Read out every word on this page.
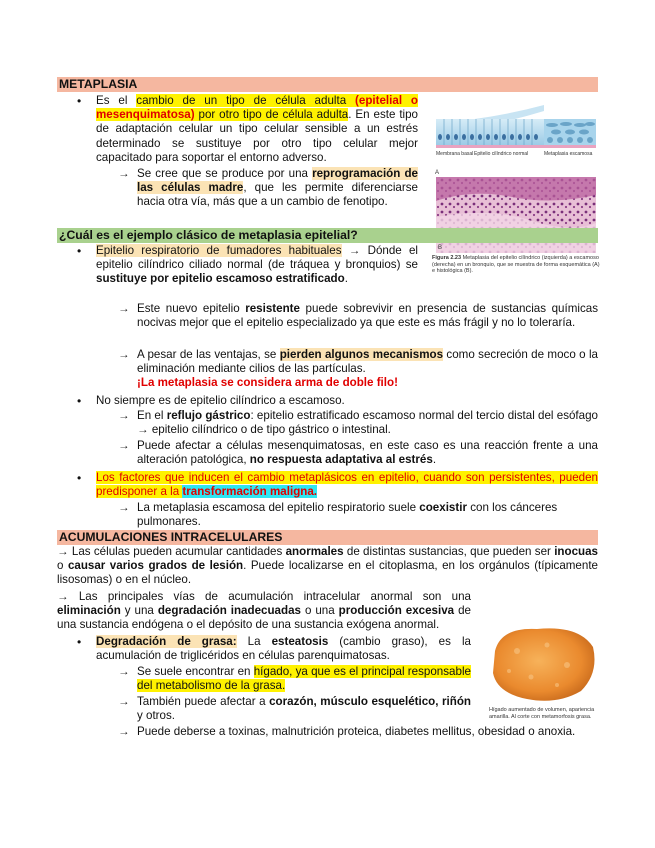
METAPLASIA
• Es el cambio de un tipo de célula adulta (epitelial o mesenquimatosa) por otro tipo de célula adulta. En este tipo de adaptación celular un tipo celular sensible a un estrés determinado se sustituye por otro tipo celular mejor capacitado para soportar el entorno adverso.

→ Se cree que se produce por una reprogramación de las células madre, que les permite diferenciarse hacia otra vía, más que a un cambio de fenotipo.

Membrana basal Epitelio cilíndrico normal	Metaplasia escamosa
A
B
Figura 2.23 Metaplasia del epitelio cilíndrico (izquierda) a escamoso (derecha) en un bronquio, que se muestra de forma esquemática (A) e histológica (B).
¿Cuál es el ejemplo clásico de metaplasia epitelial?
• Epitelio respiratorio de fumadores habituales → Dónde el epitelio cilíndrico ciliado normal (de tráquea y bronquios) se sustituye por epitelio escamoso estratificado.

→ Este nuevo epitelio resistente puede sobrevivir en presencia de sustancias químicas nocivas mejor que el epitelio especializado ya que este es más frágil y no lo toleraría.

→ A pesar de las ventajas, se pierden algunos mecanismos como secreción de moco o la eliminación mediante cilios de las partículas.
¡La metaplasia se considera arma de doble filo!

• No siempre es de epitelio cilíndrico a escamoso.

→ En el reflujo gástrico: epitelio estratificado escamoso normal del tercio distal del esófago → epitelio cilíndrico o de tipo gástrico o intestinal.

→ Puede afectar a células mesenquimatosas, en este caso es una reacción frente a una alteración patológica, no respuesta adaptativa al estrés.

• Los factores que inducen el cambio metaplásicos en epitelio, cuando son persistentes, pueden predisponer a la transformación maligna.

→ La metaplasia escamosa del epitelio respiratorio suele coexistir con los cánceres pulmonares.

ACUMULACIONES INTRACELULARES

→ Las células pueden acumular cantidades anormales de distintas sustancias, que pueden ser inocuas o causar varios grados de lesión. Puede localizarse en el citoplasma, en los orgánulos (típicamente lisosomas) o en el núcleo.

→ Las principales vías de acumulación intracelular anormal son una eliminación y una degradación inadecuadas o una producción excesiva de una sustancia endógena o el depósito de una sustancia exógena anormal.

Hígado aumentado de volumen, apariencia amarilla. Al corte con metamorfosis grasa.
• Degradación de grasa: La esteatosis (cambio graso), es la acumulación de triglicéridos en células parenquimatosas.

→ Se suele encontrar en hígado, ya que es el principal responsable del metabolismo de la grasa.

→ También puede afectar a corazón, músculo esquelético, riñón y otros.

→ Puede deberse a toxinas, malnutrición proteica, diabetes mellitus, obesidad o anoxia.
